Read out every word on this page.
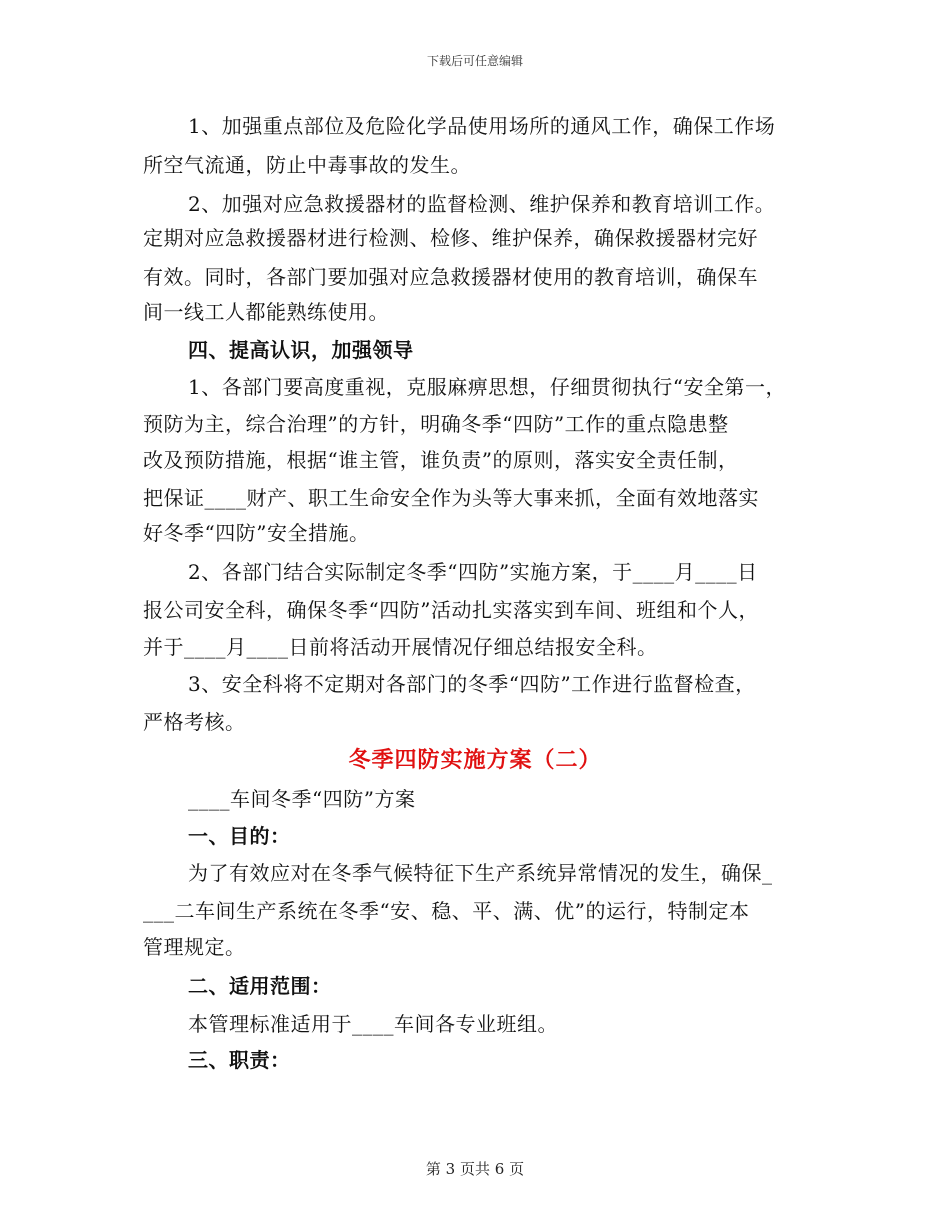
下载后可任意编辑
1、加强重点部位及危险化学品使用场所的通风工作，确保工作场
所空气流通，防止中毒事故的发生。
2、加强对应急救援器材的监督检测、维护保养和教育培训工作。
定期对应急救援器材进行检测、检修、维护保养，确保救援器材完好
有效。同时，各部门要加强对应急救援器材使用的教育培训，确保车
间一线工人都能熟练使用。
四、提高认识，加强领导
1、各部门要高度重视，克服麻痹思想，仔细贯彻执行“安全第一，
预防为主，综合治理”的方针，明确冬季“四防”工作的重点隐患整
改及预防措施，根据“谁主管，谁负责”的原则，落实安全责任制，
把保证____财产、职工生命安全作为头等大事来抓，全面有效地落实
好冬季“四防”安全措施。
2、各部门结合实际制定冬季“四防”实施方案，于____月____日
报公司安全科，确保冬季“四防”活动扎实落实到车间、班组和个人，
并于____月____日前将活动开展情况仔细总结报安全科。
3、安全科将不定期对各部门的冬季“四防”工作进行监督检查，
严格考核。
冬季四防实施方案（二）
____车间冬季“四防”方案
一、目的：
为了有效应对在冬季气候特征下生产系统异常情况的发生，确保_
___二车间生产系统在冬季“安、稳、平、满、优”的运行，特制定本
管理规定。
二、适用范围：
本管理标准适用于____车间各专业班组。
三、职责：
第 3 页共 6 页
